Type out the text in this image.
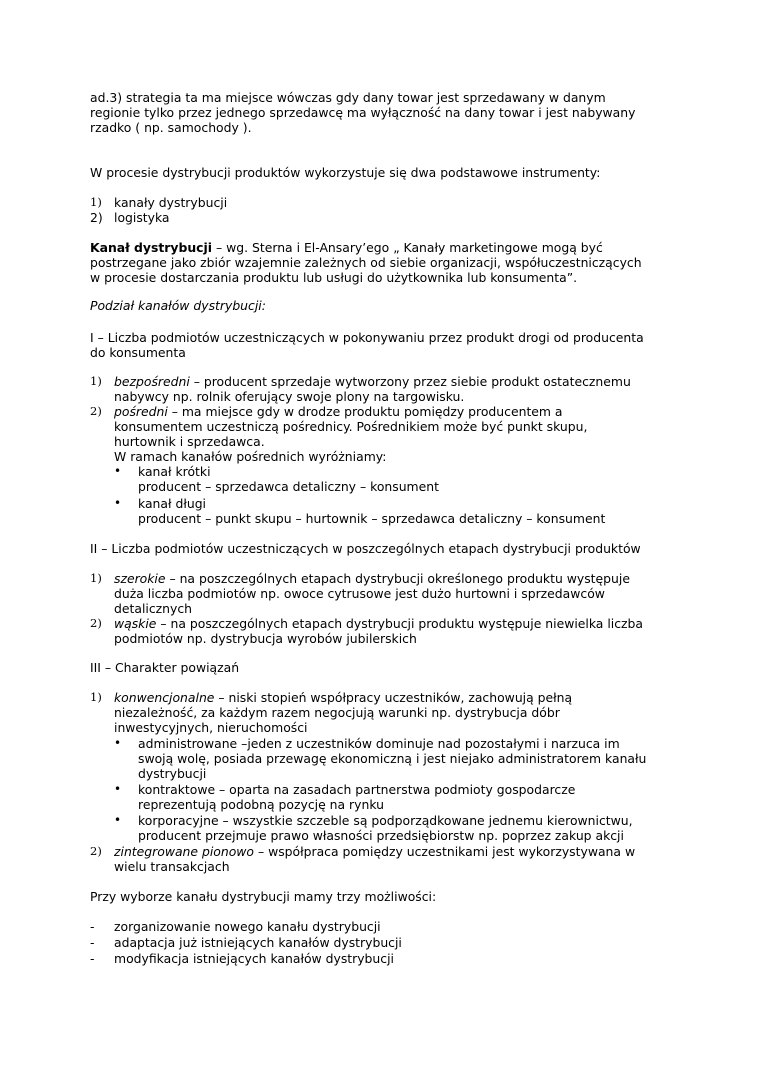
ad.3) strategia ta ma miejsce wówczas gdy dany towar jest sprzedawany w danym
regionie tylko przez jednego sprzedawcę ma wyłączność na dany towar i jest nabywany
rzadko ( np. samochody ).
W procesie dystrybucji produktów wykorzystuje się dwa podstawowe instrumenty:
1) kanały dystrybucji
2) logistyka
Kanał dystrybucji – wg. Sterna i El-Ansary’ego „ Kanały marketingowe mogą być
postrzegane jako zbiór wzajemnie zależnych od siebie organizacji, współuczestniczących
w procesie dostarczania produktu lub usługi do użytkownika lub konsumenta”.
Podział kanałów dystrybucji:
I – Liczba podmiotów uczestniczących w pokonywaniu przez produkt drogi od producenta
do konsumenta
1) bezpośredni – producent sprzedaje wytworzony przez siebie produkt ostatecznemu
nabywcy np. rolnik oferujący swoje plony na targowisku.
2) pośredni – ma miejsce gdy w drodze produktu pomiędzy producentem a
konsumentem uczestniczą pośrednicy. Pośrednikiem może być punkt skupu,
hurtownik i sprzedawca.
W ramach kanałów pośrednich wyróżniamy:
• kanał krótki
producent – sprzedawca detaliczny – konsument
• kanał długi
producent – punkt skupu – hurtownik – sprzedawca detaliczny – konsument
II – Liczba podmiotów uczestniczących w poszczególnych etapach dystrybucji produktów
1) szerokie – na poszczególnych etapach dystrybucji określonego produktu występuje
duża liczba podmiotów np. owoce cytrusowe jest dużo hurtowni i sprzedawców
detalicznych
2) wąskie – na poszczególnych etapach dystrybucji produktu występuje niewielka liczba
podmiotów np. dystrybucja wyrobów jubilerskich
III – Charakter powiązań
1) konwencjonalne – niski stopień współpracy uczestników, zachowują pełną
niezależność, za każdym razem negocjują warunki np. dystrybucja dóbr
inwestycyjnych, nieruchomości
• administrowane –jeden z uczestników dominuje nad pozostałymi i narzuca im
swoją wolę, posiada przewagę ekonomiczną i jest niejako administratorem kanału
dystrybucji
• kontraktowe – oparta na zasadach partnerstwa podmioty gospodarcze
reprezentują podobną pozycję na rynku
• korporacyjne – wszystkie szczeble są podporządkowane jednemu kierownictwu,
producent przejmuje prawo własności przedsiębiorstw np. poprzez zakup akcji
2) zintegrowane pionowo – współpraca pomiędzy uczestnikami jest wykorzystywana w
wielu transakcjach
Przy wyborze kanału dystrybucji mamy trzy możliwości:
- zorganizowanie nowego kanału dystrybucji
- adaptacja już istniejących kanałów dystrybucji
- modyfikacja istniejących kanałów dystrybucji
